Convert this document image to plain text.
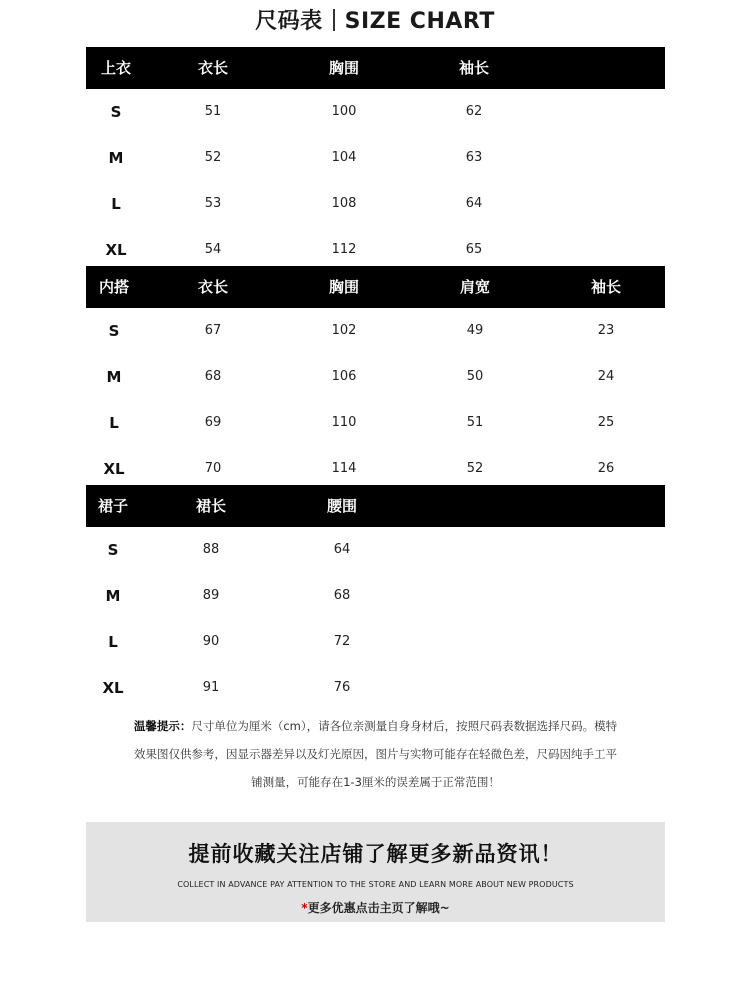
尺码表 SIZE CHART
上衣	衣长	胸围	袖长
S	51	100	62
M	52	104	63
L	53	108	64
XL	54	112	65
内搭	衣长	胸围	肩宽	袖长
S	67	102	49	23
M	68	106	50	24
L	69	110	51	25
XL	70	114	52	26
裙子	裙长	腰围
S	88	64
M	89	68
L	90	72
XL	91	76
温馨提示：尺寸单位为厘米（cm），请各位亲测量自身身材后，按照尺码表数据选择尺码。模特
效果图仅供参考，因显示器差异以及灯光原因，图片与实物可能存在轻微色差，尺码因纯手工平
铺测量，可能存在1-3厘米的误差属于正常范围！
提前收藏关注店铺了解更多新品资讯！
COLLECT IN ADVANCE PAY ATTENTION TO THE STORE AND LEARN MORE ABOUT NEW PRODUCTS
*更多优惠点击主页了解哦~
